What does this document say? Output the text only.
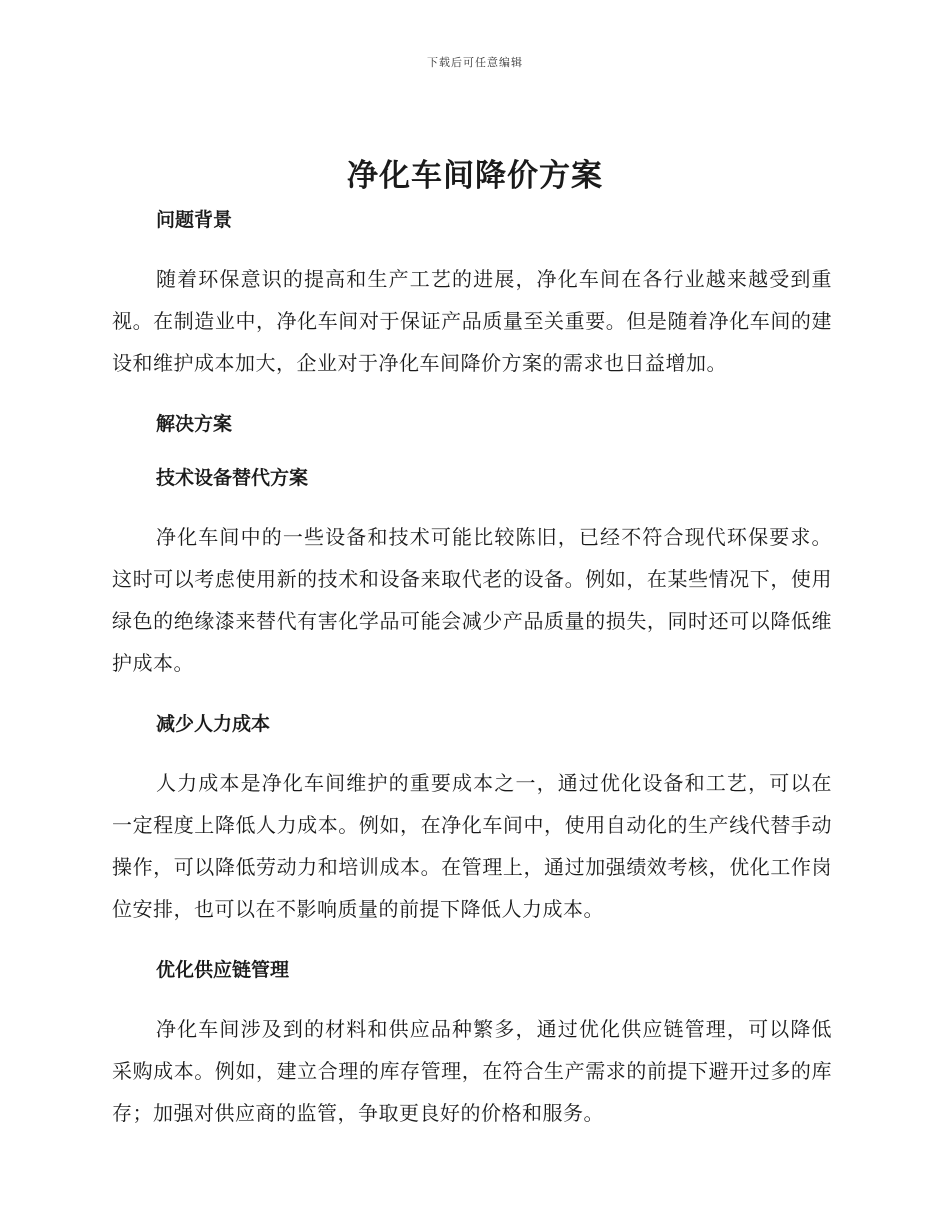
下载后可任意编辑
净化车间降价方案
问题背景

随着环保意识的提高和生产工艺的进展，净化车间在各行业越来越受到重视。在制造业中，净化车间对于保证产品质量至关重要。但是随着净化车间的建设和维护成本加大，企业对于净化车间降价方案的需求也日益增加。

解决方案
技术设备替代方案

净化车间中的一些设备和技术可能比较陈旧，已经不符合现代环保要求。这时可以考虑使用新的技术和设备来取代老的设备。例如，在某些情况下，使用绿色的绝缘漆来替代有害化学品可能会减少产品质量的损失，同时还可以降低维护成本。

减少人力成本

人力成本是净化车间维护的重要成本之一，通过优化设备和工艺，可以在一定程度上降低人力成本。例如，在净化车间中，使用自动化的生产线代替手动操作，可以降低劳动力和培训成本。在管理上，通过加强绩效考核，优化工作岗位安排，也可以在不影响质量的前提下降低人力成本。

优化供应链管理

净化车间涉及到的材料和供应品种繁多，通过优化供应链管理，可以降低采购成本。例如，建立合理的库存管理，在符合生产需求的前提下避开过多的库存；加强对供应商的监管，争取更良好的价格和服务。
